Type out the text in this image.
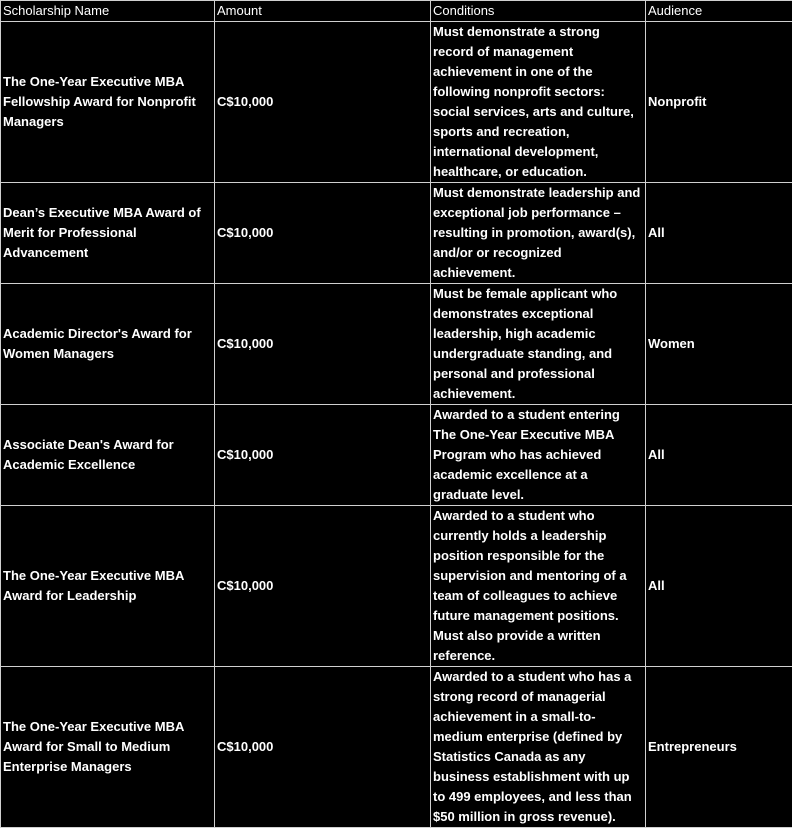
Scholarship Name	Amount	Conditions	Audience
The One-Year Executive MBA Fellowship Award for Nonprofit Managers	C$10,000	Must demonstrate a strong record of management achievement in one of the following nonprofit sectors: social services, arts and culture, sports and recreation, international development, healthcare, or education.	Nonprofit
Dean’s Executive MBA Award of Merit for Professional Advancement	C$10,000	Must demonstrate leadership and exceptional job performance – resulting in promotion, award(s), and/or or recognized achievement.	All
Academic Director's Award for Women Managers	C$10,000	Must be female applicant who demonstrates exceptional leadership, high academic undergraduate standing, and personal and professional achievement.	Women
Associate Dean's Award for Academic Excellence	C$10,000	Awarded to a student entering The One-Year Executive MBA Program who has achieved academic excellence at a graduate level.	All
The One-Year Executive MBA Award for Leadership	C$10,000	Awarded to a student who currently holds a leadership position responsible for the supervision and mentoring of a team of colleagues to achieve future management positions. Must also provide a written reference.	All
The One-Year Executive MBA Award for Small to Medium Enterprise Managers	C$10,000	Awarded to a student who has a strong record of managerial achievement in a small-to-medium enterprise (defined by Statistics Canada as any business establishment with up to 499 employees, and less than $50 million in gross revenue).	Entrepreneurs
